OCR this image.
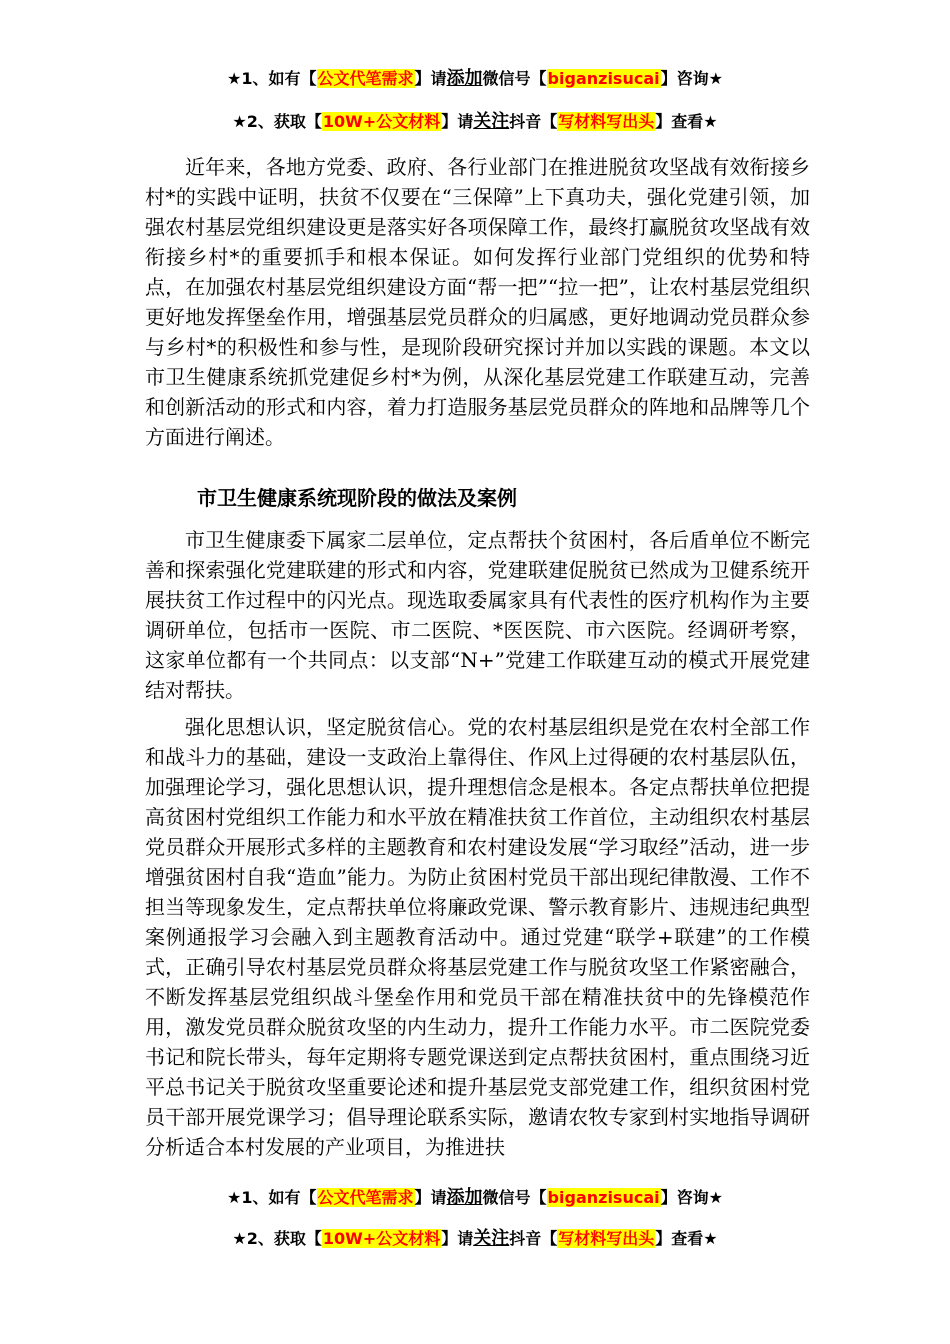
★1、如有【公文代笔需求】请添加微信号【biganzisucai】咨询★
★2、获取【10W+公文材料】请关注抖音【写材料写出头】查看★

近年来，各地方党委、政府、各行业部门在推进脱贫攻坚战有效衔接乡村*的实践中证明，扶贫不仅要在“三保障”上下真功夫，强化党建引领，加强农村基层党组织建设更是落实好各项保障工作，最终打赢脱贫攻坚战有效衔接乡村*的重要抓手和根本保证。如何发挥行业部门党组织的优势和特点，在加强农村基层党组织建设方面“帮一把”“拉一把”，让农村基层党组织更好地发挥堡垒作用，增强基层党员群众的归属感，更好地调动党员群众参与乡村*的积极性和参与性，是现阶段研究探讨并加以实践的课题。本文以市卫生健康系统抓党建促乡村*为例，从深化基层党建工作联建互动，完善和创新活动的形式和内容，着力打造服务基层党员群众的阵地和品牌等几个方面进行阐述。

市卫生健康系统现阶段的做法及案例

市卫生健康委下属家二层单位，定点帮扶个贫困村，各后盾单位不断完善和探索强化党建联建的形式和内容，党建联建促脱贫已然成为卫健系统开展扶贫工作过程中的闪光点。现选取委属家具有代表性的医疗机构作为主要调研单位，包括市一医院、市二医院、*医医院、市六医院。经调研考察，这家单位都有一个共同点：以支部“N+”党建工作联建互动的模式开展党建结对帮扶。

强化思想认识，坚定脱贫信心。党的农村基层组织是党在农村全部工作和战斗力的基础，建设一支政治上靠得住、作风上过得硬的农村基层队伍，加强理论学习，强化思想认识，提升理想信念是根本。各定点帮扶单位把提高贫困村党组织工作能力和水平放在精准扶贫工作首位，主动组织农村基层党员群众开展形式多样的主题教育和农村建设发展“学习取经”活动，进一步增强贫困村自我“造血”能力。为防止贫困村党员干部出现纪律散漫、工作不担当等现象发生，定点帮扶单位将廉政党课、警示教育影片、违规违纪典型案例通报学习会融入到主题教育活动中。通过党建“联学+联建”的工作模式，正确引导农村基层党员群众将基层党建工作与脱贫攻坚工作紧密融合，不断发挥基层党组织战斗堡垒作用和党员干部在精准扶贫中的先锋模范作用，激发党员群众脱贫攻坚的内生动力，提升工作能力水平。市二医院党委书记和院长带头，每年定期将专题党课送到定点帮扶贫困村，重点围绕习近平总书记关于脱贫攻坚重要论述和提升基层党支部党建工作，组织贫困村党员干部开展党课学习；倡导理论联系实际，邀请农牧专家到村实地指导调研分析适合本村发展的产业项目，为推进扶

★1、如有【公文代笔需求】请添加微信号【biganzisucai】咨询★
★2、获取【10W+公文材料】请关注抖音【写材料写出头】查看★
